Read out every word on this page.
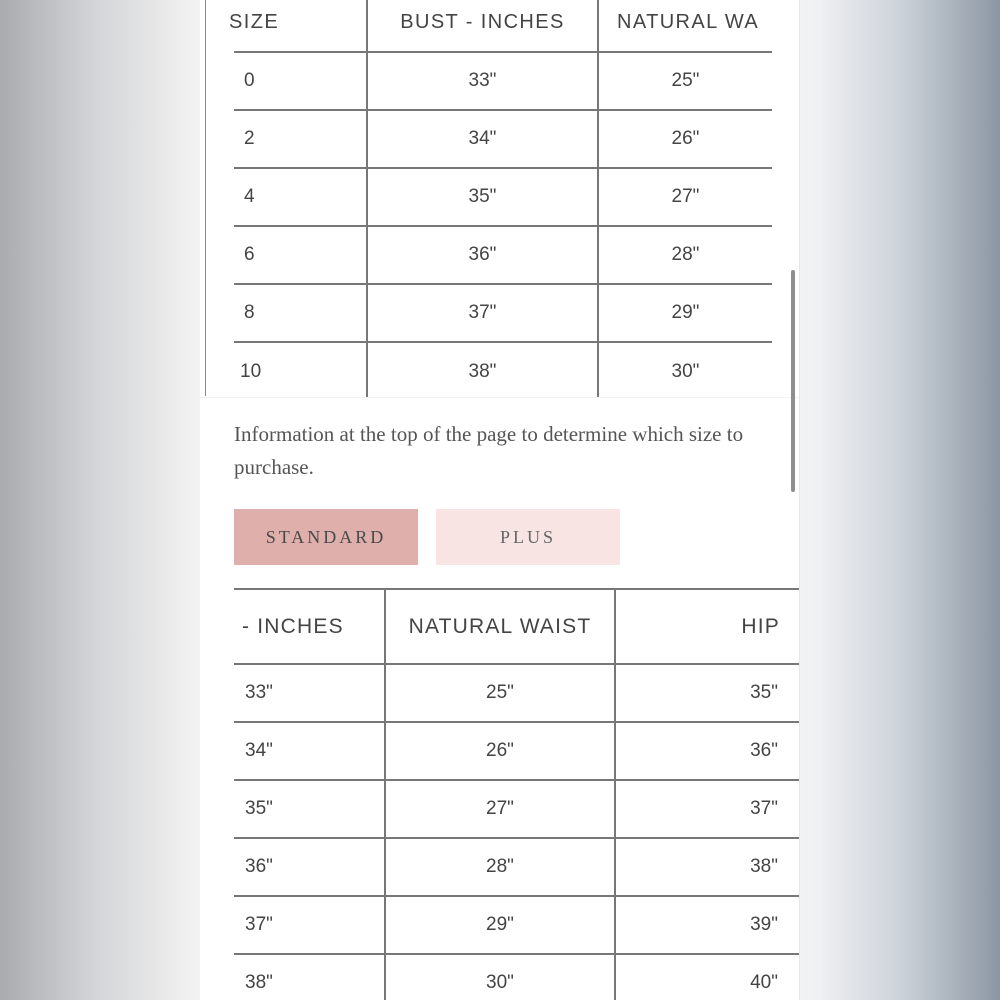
SIZE	BUST - INCHES	NATURAL WA

0	33"	25"
2	34"	26"
4	35"	27"
6	36"	28"
8	37"	29"
10	38"	30"
Information at the top of the page to determine which size to purchase.
STANDARD	PLUS
- INCHES	NATURAL WAIST	HIP
33"	25"	35"
34"	26"	36"
35"	27"	37"
36"	28"	38"
37"	29"	39"
38"	30"	40"
